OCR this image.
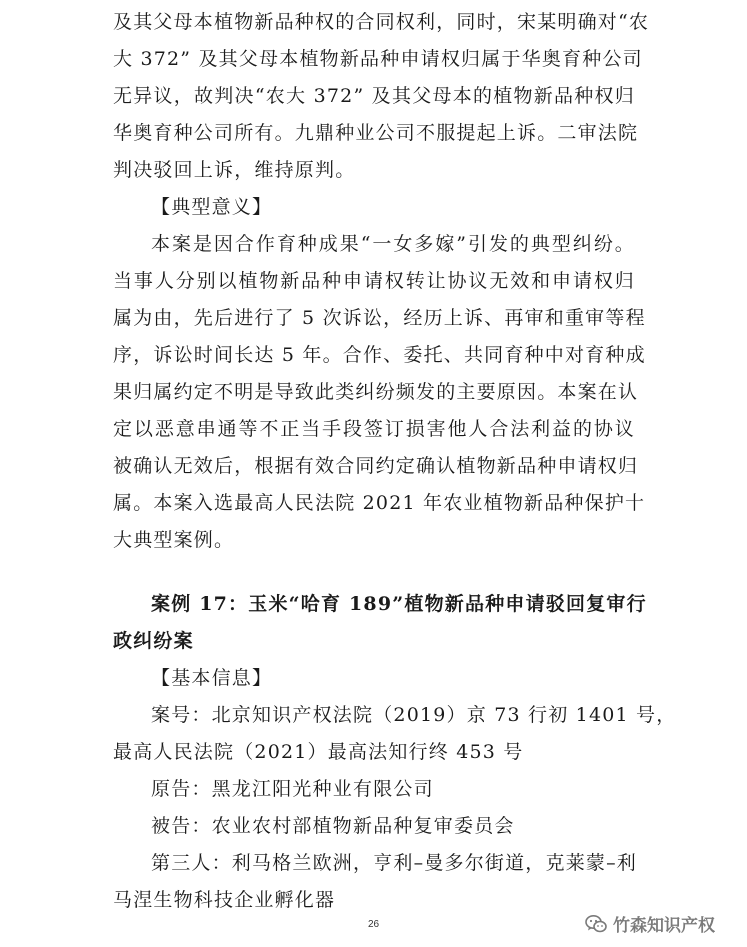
及其父母本植物新品种权的合同权利，同时，宋某明确对“农
大 372” 及其父母本植物新品种申请权归属于华奥育种公司
无异议，故判决“农大 372” 及其父母本的植物新品种权归
华奥育种公司所有。九鼎种业公司不服提起上诉。二审法院
判决驳回上诉，维持原判。
【典型意义】
本案是因合作育种成果“一女多嫁”引发的典型纠纷。
当事人分别以植物新品种申请权转让协议无效和申请权归
属为由，先后进行了 5 次诉讼，经历上诉、再审和重审等程
序，诉讼时间长达 5 年。合作、委托、共同育种中对育种成
果归属约定不明是导致此类纠纷频发的主要原因。本案在认
定以恶意串通等不正当手段签订损害他人合法利益的协议
被确认无效后，根据有效合同约定确认植物新品种申请权归
属。本案入选最高人民法院 2021 年农业植物新品种保护十
大典型案例。
案例 17：玉米“哈育 189”植物新品种申请驳回复审行
政纠纷案
【基本信息】
案号：北京知识产权法院（2019）京 73 行初 1401 号，
最高人民法院（2021）最高法知行终 453 号
原告：黑龙江阳光种业有限公司
被告：农业农村部植物新品种复审委员会
第三人：利马格兰欧洲，亨利–曼多尔街道，克莱蒙–利
马涅生物科技企业孵化器
26	竹森知识产权
